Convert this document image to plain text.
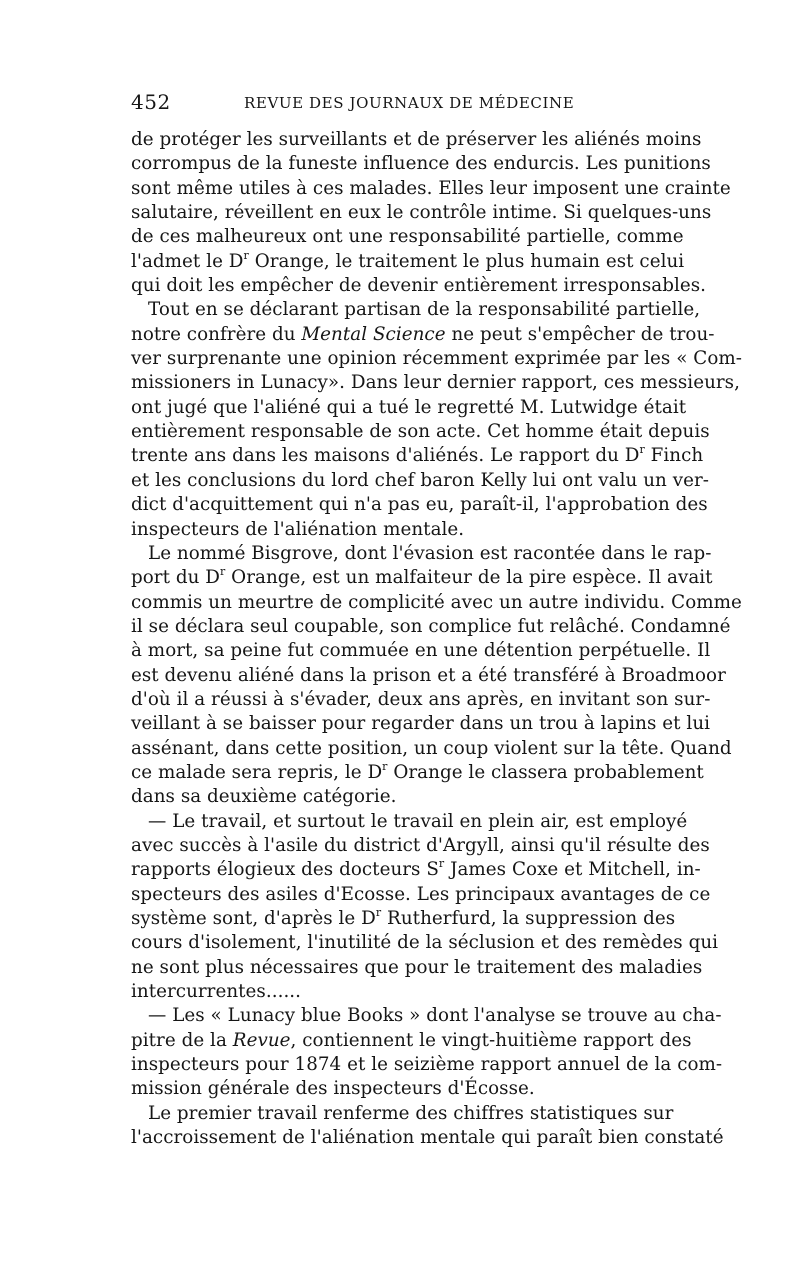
452	REVUE DES JOURNAUX DE MÉDECINE
de protéger les surveillants et de préserver les aliénés moins
corrompus de la funeste influence des endurcis. Les punitions
sont même utiles à ces malades. Elles leur imposent une crainte
salutaire, réveillent en eux le contrôle intime. Si quelques-uns
de ces malheureux ont une responsabilité partielle, comme
l'admet le $D^r$ Orange, le traitement le plus humain est celui
qui doit les empêcher de devenir entièrement irresponsables.
Tout en se déclarant partisan de la responsabilité partielle,
notre confrère du Mental Science ne peut s'empêcher de trou-
ver surprenante une opinion récemment exprimée par les « Com-
missioners in Lunacy». Dans leur dernier rapport, ces messieurs,
ont jugé que l'aliéné qui a tué le regretté M. Lutwidge était
entièrement responsable de son acte. Cet homme était depuis
trente ans dans les maisons d'aliénés. Le rapport du $D^r$ Finch
et les conclusions du lord chef baron Kelly lui ont valu un ver-
dict d'acquittement qui n'a pas eu, paraît-il, l'approbation des
inspecteurs de l'aliénation mentale.
Le nommé Bisgrove, dont l'évasion est racontée dans le rap-
port du $D^r$ Orange, est un malfaiteur de la pire espèce. Il avait
commis un meurtre de complicité avec un autre individu. Comme
il se déclara seul coupable, son complice fut relâché. Condamné
à mort, sa peine fut commuée en une détention perpétuelle. Il
est devenu aliéné dans la prison et a été transféré à Broadmoor
d'où il a réussi à s'évader, deux ans après, en invitant son sur-
veillant à se baisser pour regarder dans un trou à lapins et lui
assénant, dans cette position, un coup violent sur la tête. Quand
ce malade sera repris, le $D^r$ Orange le classera probablement
dans sa deuxième catégorie.
— Le travail, et surtout le travail en plein air, est employé
avec succès à l'asile du district d'Argyll, ainsi qu'il résulte des
rapports élogieux des docteurs $S^r$ James Coxe et Mitchell, in-
specteurs des asiles d'Ecosse. Les principaux avantages de ce
système sont, d'après le $D^r$ Rutherfurd, la suppression des
cours d'isolement, l'inutilité de la séclusion et des remèdes qui
ne sont plus nécessaires que pour le traitement des maladies
intercurrentes......
— Les « Lunacy blue Books » dont l'analyse se trouve au cha-
pitre de la Revue, contiennent le vingt-huitième rapport des
inspecteurs pour 1874 et le seizième rapport annuel de la com-
mission générale des inspecteurs d'Écosse.
Le premier travail renferme des chiffres statistiques sur
l'accroissement de l'aliénation mentale qui paraît bien constaté
